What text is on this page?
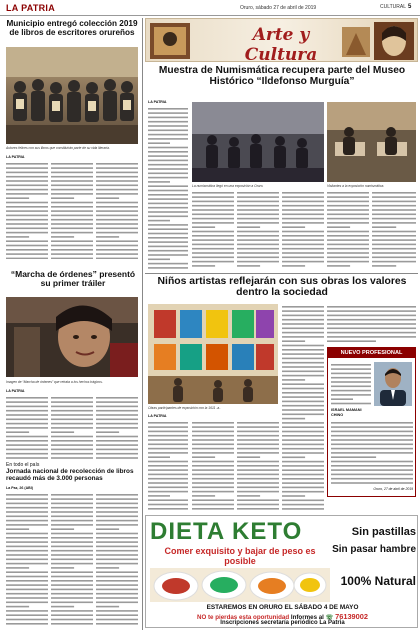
LA PATRIA	Oruro, sábado 27 de abril de 2019	CULTURAL 5
Municipio entregó colección 2019 de libros de escritores orureños
Autores felices con sus libros que constituirán parte de su vida literaria.
LA PATRIA
“Marcha de órdenes” presentó su primer tráiler
Imagen de “Marcha de órdenes” que retrata a los hechos trágicos.
LA PATRIA
En todo el país
Jornada nacional de recolección de libros recaudó más de 3.000 personas
La Paz, 26 (ABI)
Arte y Cultura
Muestra de Numismática recupera parte del Museo Histórico “Ildefonso Murguía”
LA PATRIA
La numismática llegó en una exposición a Oruro.	Visitantes a la exposición numismática.
Niños artistas reflejarán con sus obras los valores dentro la sociedad
Obras participantes de exposición con la 1611 -a-
LA PATRIA
NUEVO PROFESIONAL
ISRAEL MAMANI CHINO
Oruro, 27 de abril de 2019
DIETA KETO
Comer exquisito y bajar de peso es posible
Sin pastillas
Sin pasar hambre
100% Natural
ESTAREMOS EN ORURO EL SÁBADO 4 DE MAYO
NO te pierdas esta oportunidad Informes al ☏ 76139002
Inscripciones secretaría periódico La Patria
